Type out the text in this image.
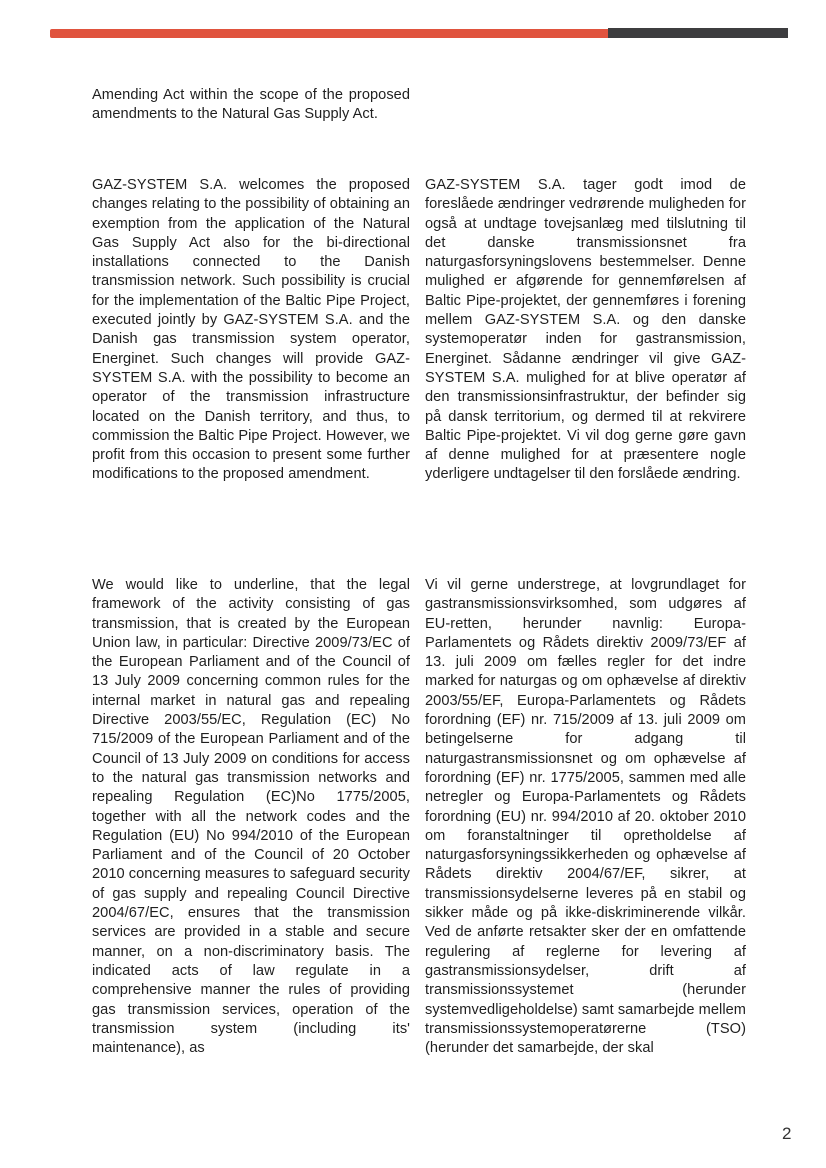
Amending Act within the scope of the proposed amendments to the Natural Gas Supply Act.

GAZ-SYSTEM S.A. welcomes the proposed changes relating to the possibility of obtaining an exemption from the application of the Natural Gas Supply Act also for the bi-directional installations connected to the Danish transmission network. Such possibility is crucial for the implementation of the Baltic Pipe Project, executed jointly by GAZ-SYSTEM S.A. and the Danish gas transmission system operator, Energinet. Such changes will provide GAZ-SYSTEM S.A. with the possibility to become an operator of the transmission infrastructure located on the Danish territory, and thus, to commission the Baltic Pipe Project. However, we profit from this occasion to present some further modifications to the proposed amendment.

GAZ-SYSTEM S.A. tager godt imod de foreslåede ændringer vedrørende muligheden for også at undtage tovejsanlæg med tilslutning til det danske transmissionsnet fra naturgasforsyningslovens bestemmelser. Denne mulighed er afgørende for gennemførelsen af Baltic Pipe-projektet, der gennemføres i forening mellem GAZ-SYSTEM S.A. og den danske systemoperatør inden for gastransmission, Energinet. Sådanne ændringer vil give GAZ-SYSTEM S.A. mulighed for at blive operatør af den transmissionsinfrastruktur, der befinder sig på dansk territorium, og dermed til at rekvirere Baltic Pipe-projektet. Vi vil dog gerne gøre gavn af denne mulighed for at præsentere nogle yderligere undtagelser til den forslåede ændring.

We would like to underline, that the legal framework of the activity consisting of gas transmission, that is created by the European Union law, in particular: Directive 2009/73/EC of the European Parliament and of the Council of 13 July 2009 concerning common rules for the internal market in natural gas and repealing Directive 2003/55/EC, Regulation (EC) No 715/2009 of the European Parliament and of the Council of 13 July 2009 on conditions for access to the natural gas transmission networks and repealing Regulation (EC)No 1775/2005, together with all the network codes and the Regulation (EU) No 994/2010 of the European Parliament and of the Council of 20 October 2010 concerning measures to safeguard security of gas supply and repealing Council Directive 2004/67/EC, ensures that the transmission services are provided in a stable and secure manner, on a non-discriminatory basis. The indicated acts of law regulate in a comprehensive manner the rules of providing gas transmission services, operation of the transmission system (including its' maintenance), as

Vi vil gerne understrege, at lovgrundlaget for gastransmissionsvirksomhed, som udgøres af EU-retten, herunder navnlig: Europa-Parlamentets og Rådets direktiv 2009/73/EF af 13. juli 2009 om fælles regler for det indre marked for naturgas og om ophævelse af direktiv 2003/55/EF, Europa-Parlamentets og Rådets forordning (EF) nr. 715/2009 af 13. juli 2009 om betingelserne for adgang til naturgastransmissionsnet og om ophævelse af forordning (EF) nr. 1775/2005, sammen med alle netregler og Europa-Parlamentets og Rådets forordning (EU) nr. 994/2010 af 20. oktober 2010 om foranstaltninger til opretholdelse af naturgasforsyningssikkerheden og ophævelse af Rådets direktiv 2004/67/EF, sikrer, at transmissionsydelserne leveres på en stabil og sikker måde og på ikke-diskriminerende vilkår. Ved de anførte retsakter sker der en omfattende regulering af reglerne for levering af gastransmissionsydelser, drift af transmissionssystemet (herunder systemvedligeholdelse) samt samarbejde mellem transmissionssystemoperatørerne (TSO) (herunder det samarbejde, der skal

2
